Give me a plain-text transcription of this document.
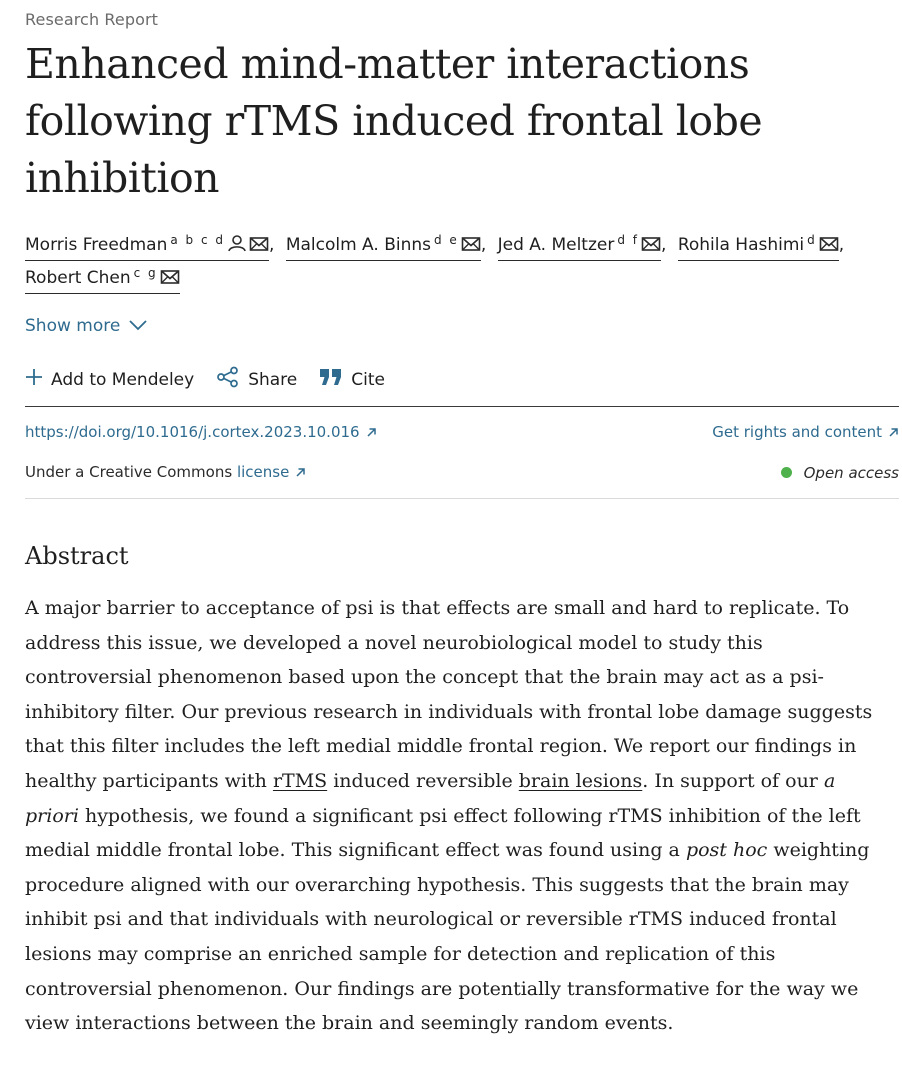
Research Report
Enhanced mind-matter interactions following rTMS induced frontal lobe inhibition
Morris Freedman $^{a b c d}$	, Malcolm A. Binns $^{d e}$ , Jed A. Meltzer $^{d f}$ , Rohila Hashimi $^d$ ,
Robert Chen $^{c g}$
Show more
Add to Mendeley	Share	Cite
https://doi.org/10.1016/j.cortex.2023.10.016	Get rights and content
Under a Creative Commons license	Open access
Abstract

A major barrier to acceptance of psi is that effects are small and hard to replicate. To address this issue, we developed a novel neurobiological model to study this controversial phenomenon based upon the concept that the brain may act as a psi-inhibitory filter. Our previous research in individuals with frontal lobe damage suggests that this filter includes the left medial middle frontal region. We report our findings in healthy participants with rTMS induced reversible brain lesions. In support of our a priori hypothesis, we found a significant psi effect following rTMS inhibition of the left medial middle frontal lobe. This significant effect was found using a post hoc weighting procedure aligned with our overarching hypothesis. This suggests that the brain may inhibit psi and that individuals with neurological or reversible rTMS induced frontal lesions may comprise an enriched sample for detection and replication of this controversial phenomenon. Our findings are potentially transformative for the way we view interactions between the brain and seemingly random events.
